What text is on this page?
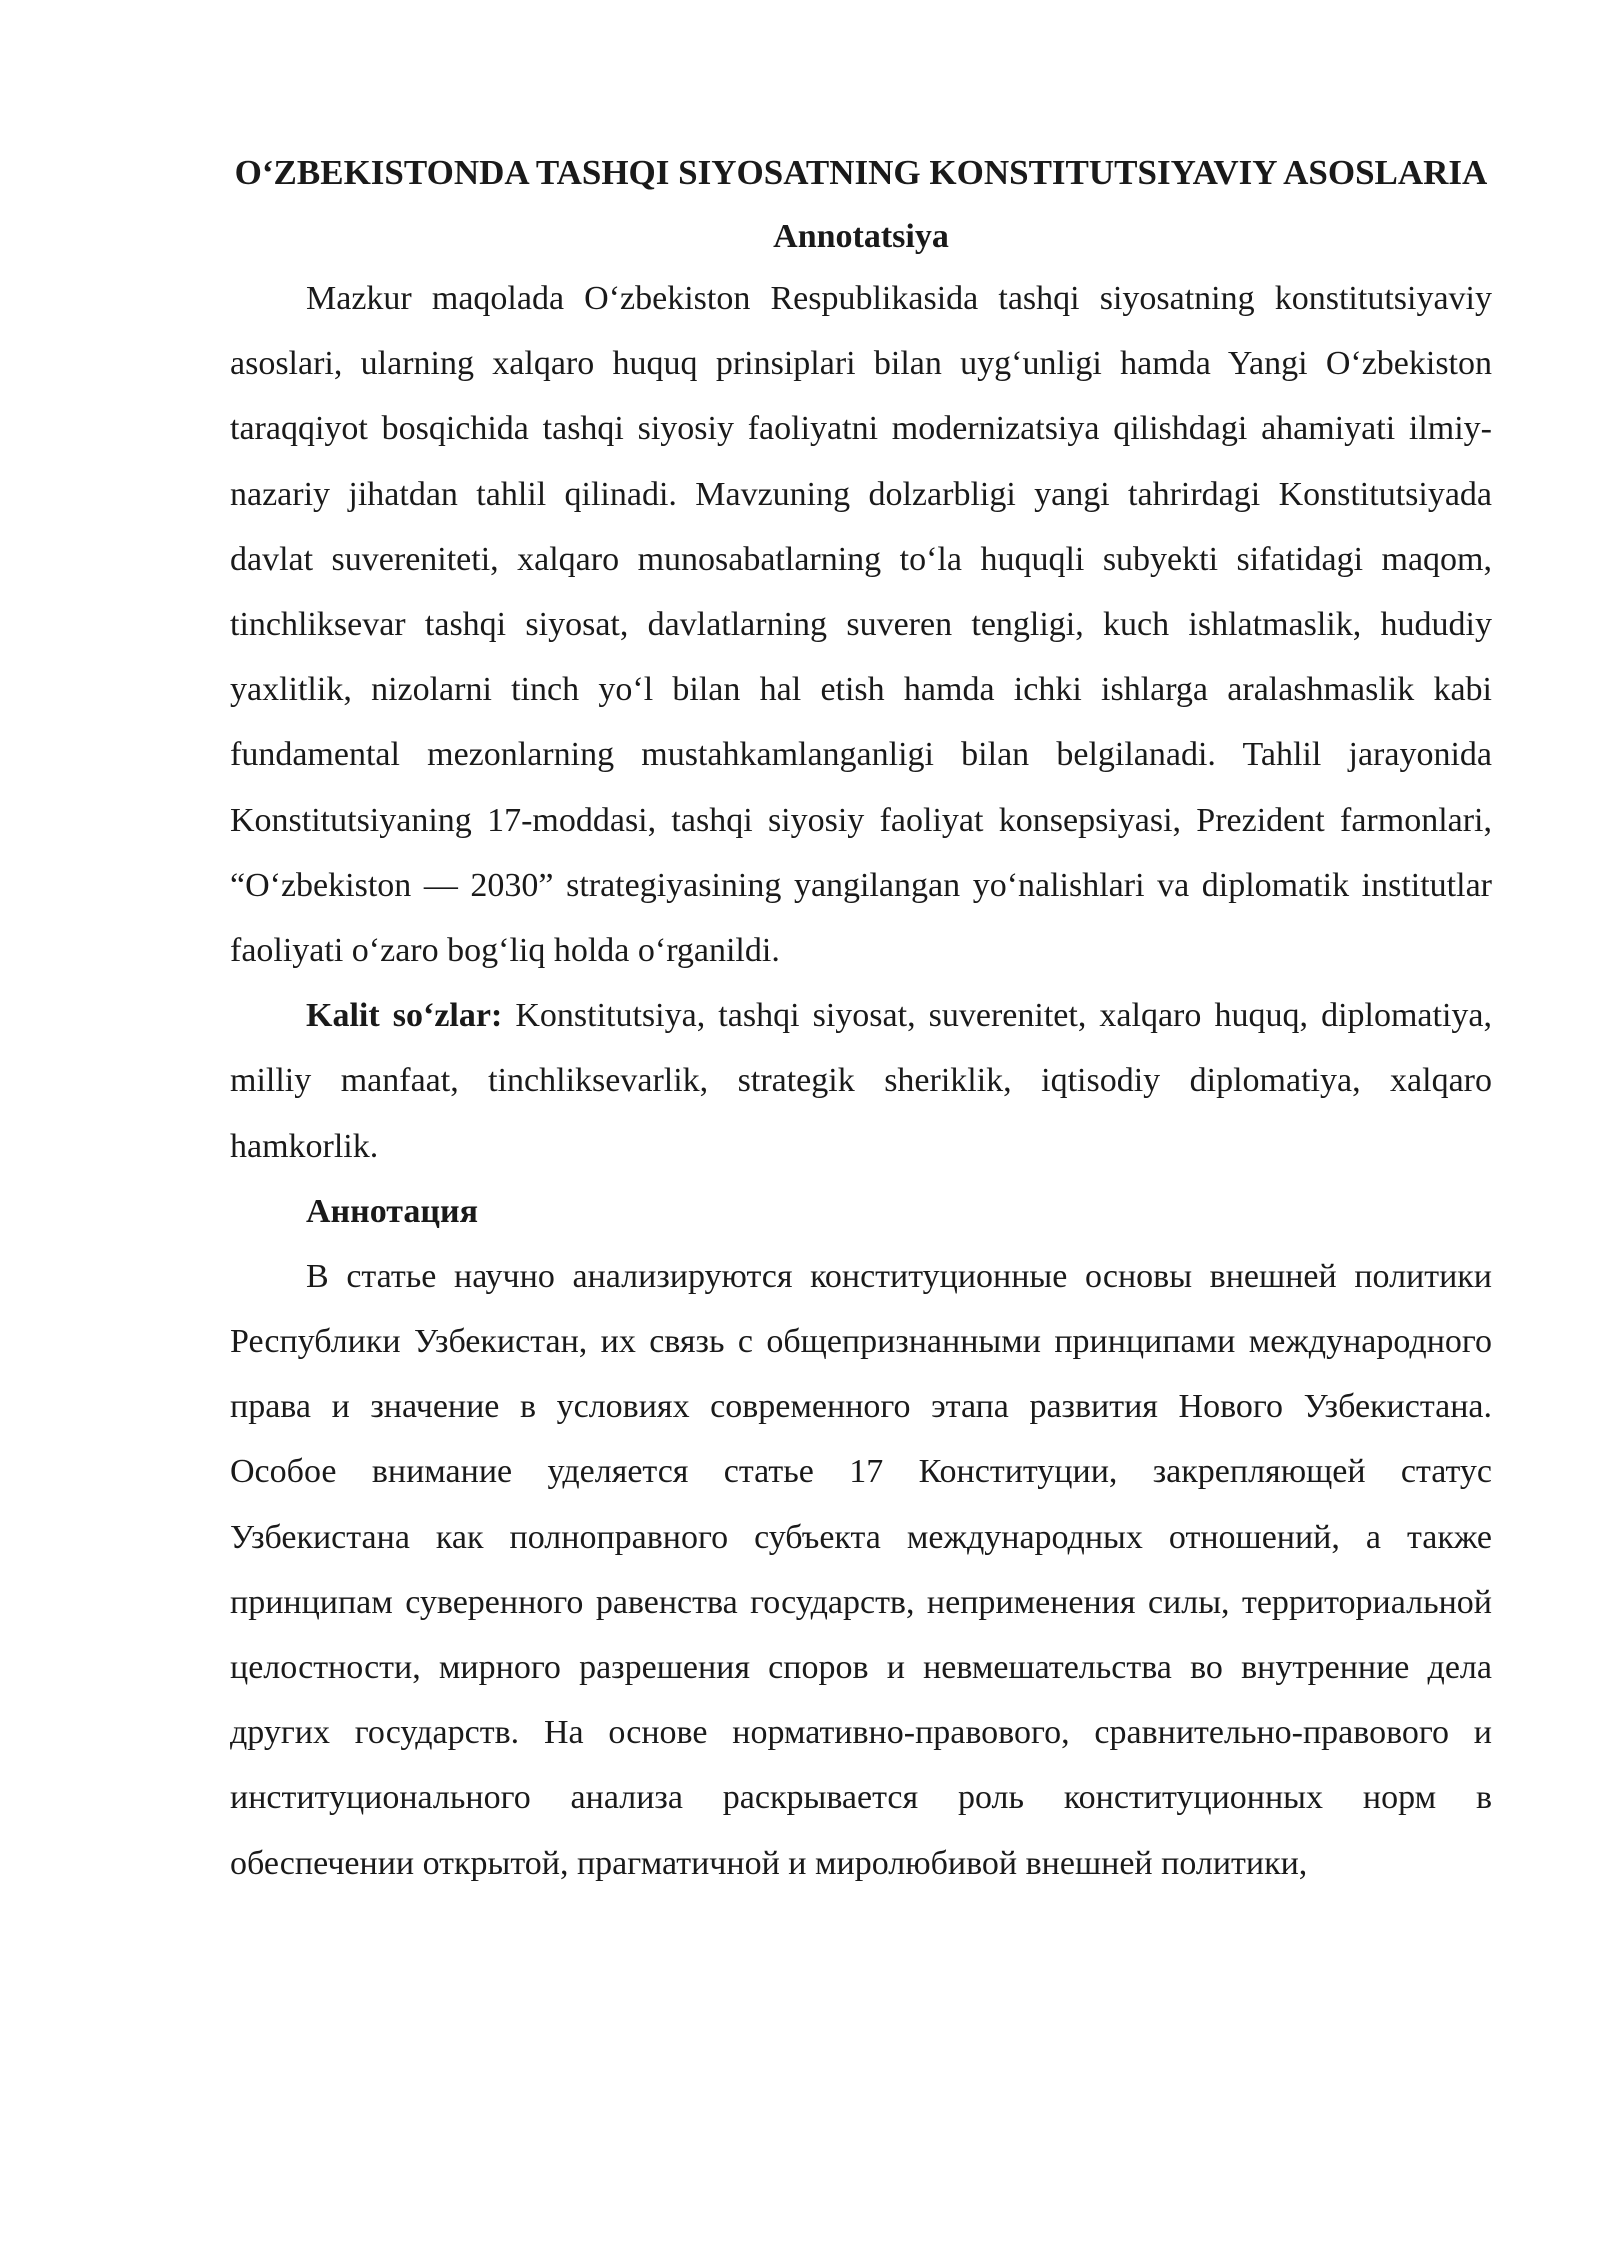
O‘ZBEKISTONDA TASHQI SIYOSATNING KONSTITUTSIYAVIY ASOSLARIA
Annotatsiya

Mazkur maqolada O‘zbekiston Respublikasida tashqi siyosatning konstitutsiyaviy asoslari, ularning xalqaro huquq prinsiplari bilan uyg‘unligi hamda Yangi O‘zbekiston taraqqiyot bosqichida tashqi siyosiy faoliyatni modernizatsiya qilishdagi ahamiyati ilmiy-nazariy jihatdan tahlil qilinadi. Mavzuning dolzarbligi yangi tahrirdagi Konstitutsiyada davlat suvereniteti, xalqaro munosabatlarning to‘la huquqli subyekti sifatidagi maqom, tinchliksevar tashqi siyosat, davlatlarning suveren tengligi, kuch ishlatmaslik, hududiy yaxlitlik, nizolarni tinch yo‘l bilan hal etish hamda ichki ishlarga aralashmaslik kabi fundamental mezonlarning mustahkamlanganligi bilan belgilanadi. Tahlil jarayonida Konstitutsiyaning 17-moddasi, tashqi siyosiy faoliyat konsepsiyasi, Prezident farmonlari, “O‘zbekiston — 2030” strategiyasining yangilangan yo‘nalishlari va diplomatik institutlar faoliyati o‘zaro bog‘liq holda o‘rganildi.

Kalit so‘zlar: Konstitutsiya, tashqi siyosat, suverenitet, xalqaro huquq, diplomatiya, milliy manfaat, tinchliksevarlik, strategik sheriklik, iqtisodiy diplomatiya, xalqaro hamkorlik.

Аннотация

В статье научно анализируются конституционные основы внешней политики Республики Узбекистан, их связь с общепризнанными принципами международного права и значение в условиях современного этапа развития Нового Узбекистана. Особое внимание уделяется статье 17 Конституции, закрепляющей статус Узбекистана как полноправного субъекта международных отношений, а также принципам суверенного равенства государств, неприменения силы, территориальной целостности, мирного разрешения споров и невмешательства во внутренние дела других государств. На основе нормативно-правового, сравнительно-правового и институционального анализа раскрывается роль конституционных норм в обеспечении открытой, прагматичной и миролюбивой внешней политики,
